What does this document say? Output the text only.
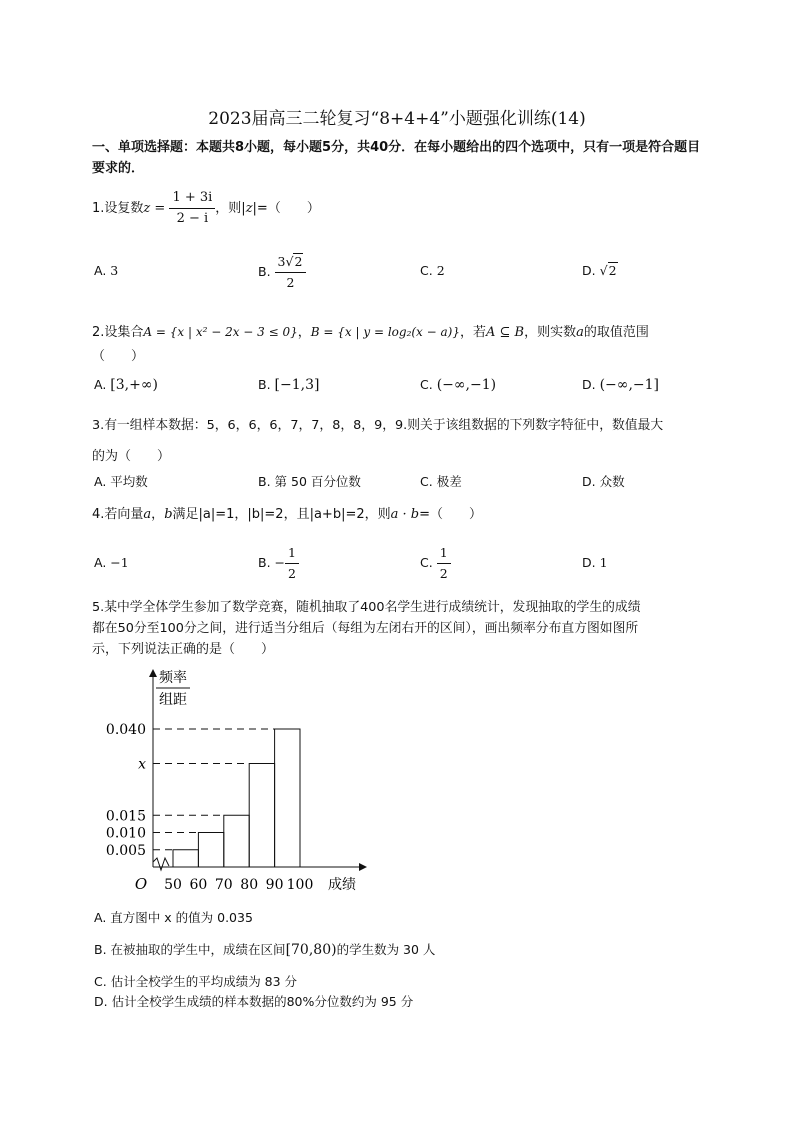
2023届高三二轮复习“8+4+4”小题强化训练(14)
一、单项选择题：本题共8小题，每小题5分，共40分．在每小题给出的四个选项中，只有一项是符合题目要求的．
1.设复数$z = \frac{1 + 3i}{2 - i}$ ，则|z|=（　　）
A. 3	B. $\frac{3√2}{2}$	C. 2	D. √2
2.设集合A = {x | x² − 2x − 3 ≤ 0}，B = {x | y = log₂(x − a)}，若A ⊆ B，则实数a的取值范围
（　　）
A. [3,+∞)	B. [−1,3]	C. (−∞,−1)	D. (−∞,−1]
3.有一组样本数据：5，6，6，6，7，7，8，8，9，9.则关于该组数据的下列数字特征中，数值最大
的为（　　）
A. 平均数	B. 第 50 百分位数	C. 极差	D. 众数
4.若向量a，b满足|a|=1，|b|=2，且|a+b|=2，则a · b=（　　）
A. −1	B. − $\frac{1}{2}$	C. $\frac{1}{2}$	D. 1
5.某中学全体学生参加了数学竞赛，随机抽取了400名学生进行成绩统计，发现抽取的学生的成绩
都在50分至100分之间，进行适当分组后（每组为左闭右开的区间），画出频率分布直方图如图所
示，下列说法正确的是（　　）
0.040
x
0.015
0.010
0.005
50 60 70 80 90 100
O	成绩
频率
组距
A. 直方图中 x 的值为 0.035
B. 在被抽取的学生中，成绩在区间[70,80)的学生数为 30 人
C. 估计全校学生的平均成绩为 83 分
D. 估计全校学生成绩的样本数据的80%分位数约为 95 分
